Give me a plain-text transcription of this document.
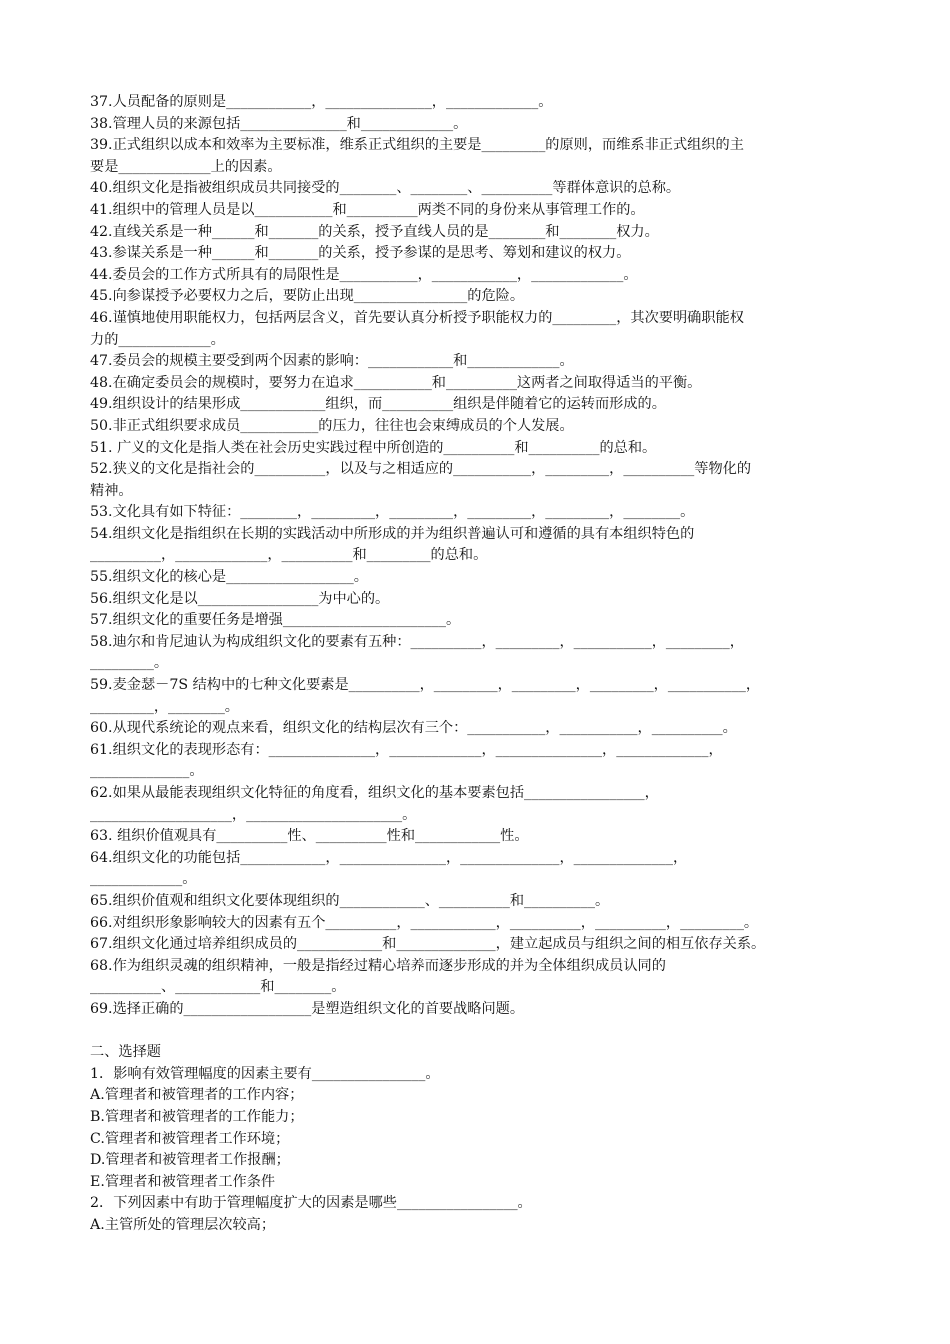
37.人员配备的原则是____________，_______________，_____________。
38.管理人员的来源包括_______________和_____________。
39.正式组织以成本和效率为主要标准，维系正式组织的主要是_________的原则，而维系非正式组织的主
要是_____________上的因素。
40.组织文化是指被组织成员共同接受的________、________、__________等群体意识的总称。
41.组织中的管理人员是以___________和__________两类不同的身份来从事管理工作的。
42.直线关系是一种______和_______的关系，授予直线人员的是________和________权力。
43.参谋关系是一种______和_______的关系，授予参谋的是思考、筹划和建议的权力。
44.委员会的工作方式所具有的局限性是___________，____________，_____________。
45.向参谋授予必要权力之后，要防止出现________________的危险。
46.谨慎地使用职能权力，包括两层含义，首先要认真分析授予职能权力的_________，其次要明确职能权
力的_____________。
47.委员会的规模主要受到两个因素的影响：____________和_____________。
48.在确定委员会的规模时，要努力在追求___________和__________这两者之间取得适当的平衡。
49.组织设计的结果形成____________组织，而__________组织是伴随着它的运转而形成的。
50.非正式组织要求成员___________的压力，往往也会束缚成员的个人发展。
51. 广义的文化是指人类在社会历史实践过程中所创造的__________和__________的总和。
52.狭义的文化是指社会的__________，以及与之相适应的___________，_________，__________等物化的
精神。
53.文化具有如下特征：________，_________，_________，_________，_________，________。
54.组织文化是指组织在长期的实践活动中所形成的并为组织普遍认可和遵循的具有本组织特色的
__________，_____________，__________和_________的总和。
55.组织文化的核心是__________________。
56.组织文化是以_________________为中心的。
57.组织文化的重要任务是增强_______________________。
58.迪尔和肯尼迪认为构成组织文化的要素有五种：__________，_________，___________，_________，
_________。
59.麦金瑟－7S 结构中的七种文化要素是__________，_________，_________，_________，___________，
_________，________。
60.从现代系统论的观点来看，组织文化的结构层次有三个：___________，___________，__________。
61.组织文化的表现形态有：_______________，_____________，_______________，_____________，
______________。
62.如果从最能表现组织文化特征的角度看，组织文化的基本要素包括_________________，
____________________，______________________。
63. 组织价值观具有__________性、__________性和____________性。
64.组织文化的功能包括____________，_______________，______________，______________，
_____________。
65.组织价值观和组织文化要体现组织的____________、__________和__________。
66.对组织形象影响较大的因素有五个__________，____________，__________，__________，_________。
67.组织文化通过培养组织成员的____________和______________，建立起成员与组织之间的相互依存关系。
68.作为组织灵魂的组织精神，一般是指经过精心培养而逐步形成的并为全体组织成员认同的
__________、____________和________。
69.选择正确的__________________是塑造组织文化的首要战略问题。
二、选择题
1．影响有效管理幅度的因素主要有________________。
A.管理者和被管理者的工作内容；
B.管理者和被管理者的工作能力；
C.管理者和被管理者工作环境；
D.管理者和被管理者工作报酬；
E.管理者和被管理者工作条件
2．下列因素中有助于管理幅度扩大的因素是哪些_________________。
A.主管所处的管理层次较高；
